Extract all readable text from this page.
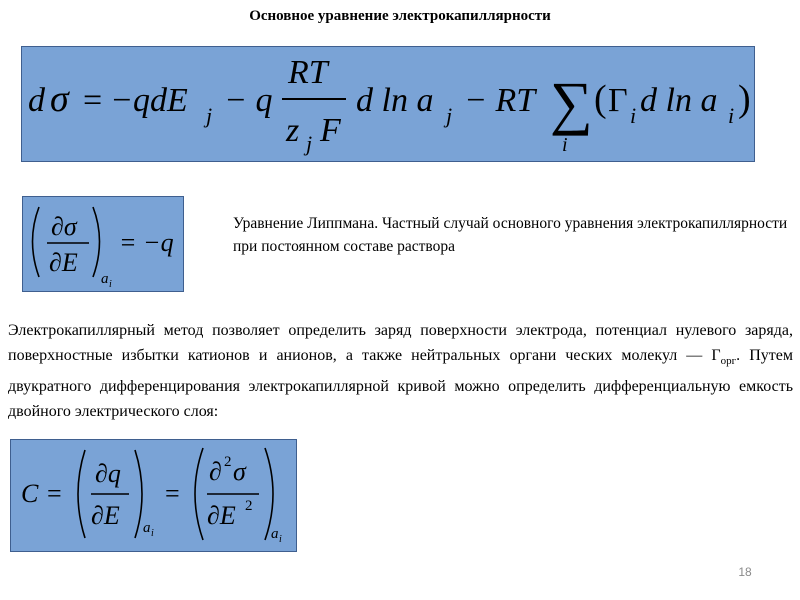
Основное уравнение электрокапиллярности
d σ = −qdE j − q
RT
z j F
d ln a j − RT ∑
i
( Γ i d ln a i )
∂σ
∂E
a i
= −q
Уравнение Липпмана. Частный случай основного уравнения электрокапиллярности при постоянном составе раствора
Электрокапиллярный метод позволяет определить заряд поверхности электрода, потенциал нулевого заряда, поверхностные избытки катионов и анионов, а также нейтральных органи ческих молекул — $Г_{орг}$. Путем двукратного дифференцирования электрокапиллярной кривой можно определить дифференциальную емкость двойного электрического слоя:
C =
∂q
∂E a i
=
∂ 2 σ
∂E 2
a i
18
